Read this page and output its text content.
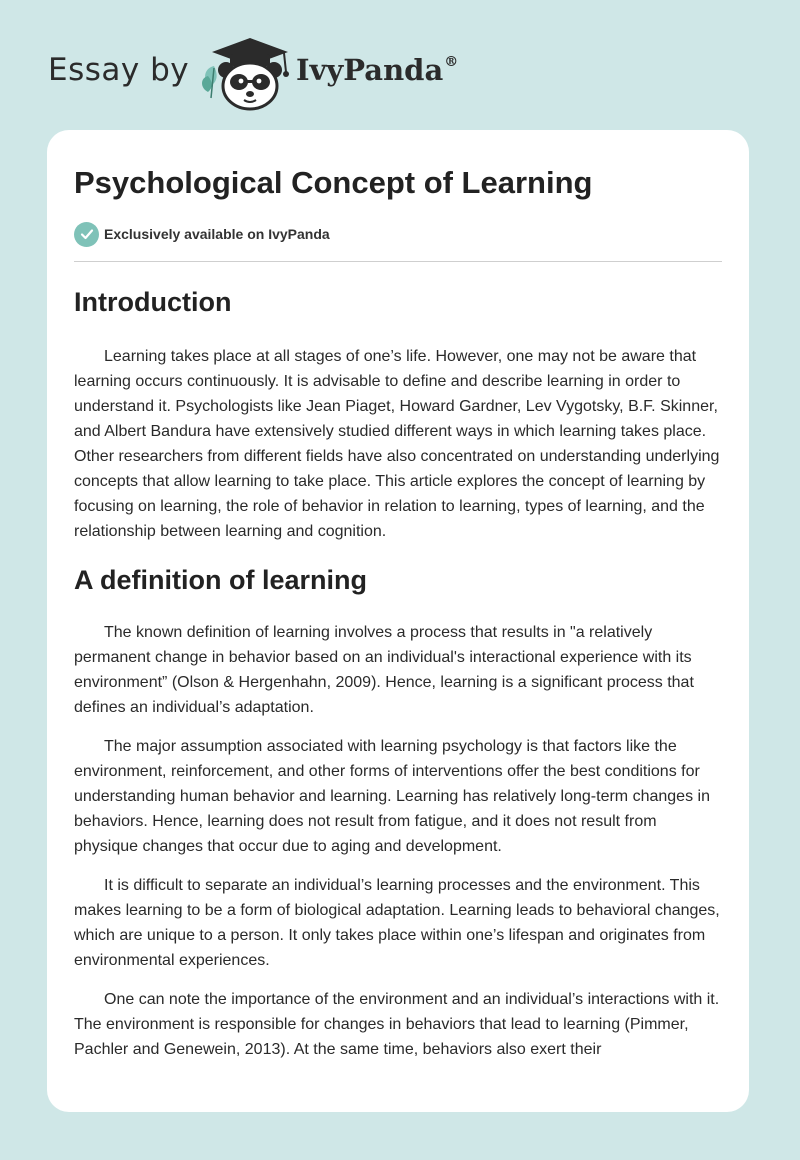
Essay by	IvyPanda®
Psychological Concept of Learning
Exclusively available on IvyPanda
Introduction

Learning takes place at all stages of one’s life. However, one may not be aware that learning occurs continuously. It is advisable to define and describe learning in order to understand it. Psychologists like Jean Piaget, Howard Gardner, Lev Vygotsky, B.F. Skinner, and Albert Bandura have extensively studied different ways in which learning takes place. Other researchers from different fields have also concentrated on understanding underlying concepts that allow learning to take place. This article explores the concept of learning by focusing on learning, the role of behavior in relation to learning, types of learning, and the relationship between learning and cognition.

A definition of learning

The known definition of learning involves a process that results in "a relatively permanent change in behavior based on an individual's interactional experience with its environment” (Olson & Hergenhahn, 2009). Hence, learning is a significant process that defines an individual’s adaptation.

The major assumption associated with learning psychology is that factors like the environment, reinforcement, and other forms of interventions offer the best conditions for understanding human behavior and learning. Learning has relatively long-term changes in behaviors. Hence, learning does not result from fatigue, and it does not result from physique changes that occur due to aging and development.

It is difficult to separate an individual’s learning processes and the environment. This makes learning to be a form of biological adaptation. Learning leads to behavioral changes, which are unique to a person. It only takes place within one’s lifespan and originates from environmental experiences.

One can note the importance of the environment and an individual’s interactions with it. The environment is responsible for changes in behaviors that lead to learning (Pimmer, Pachler and Genewein, 2013). At the same time, behaviors also exert their
